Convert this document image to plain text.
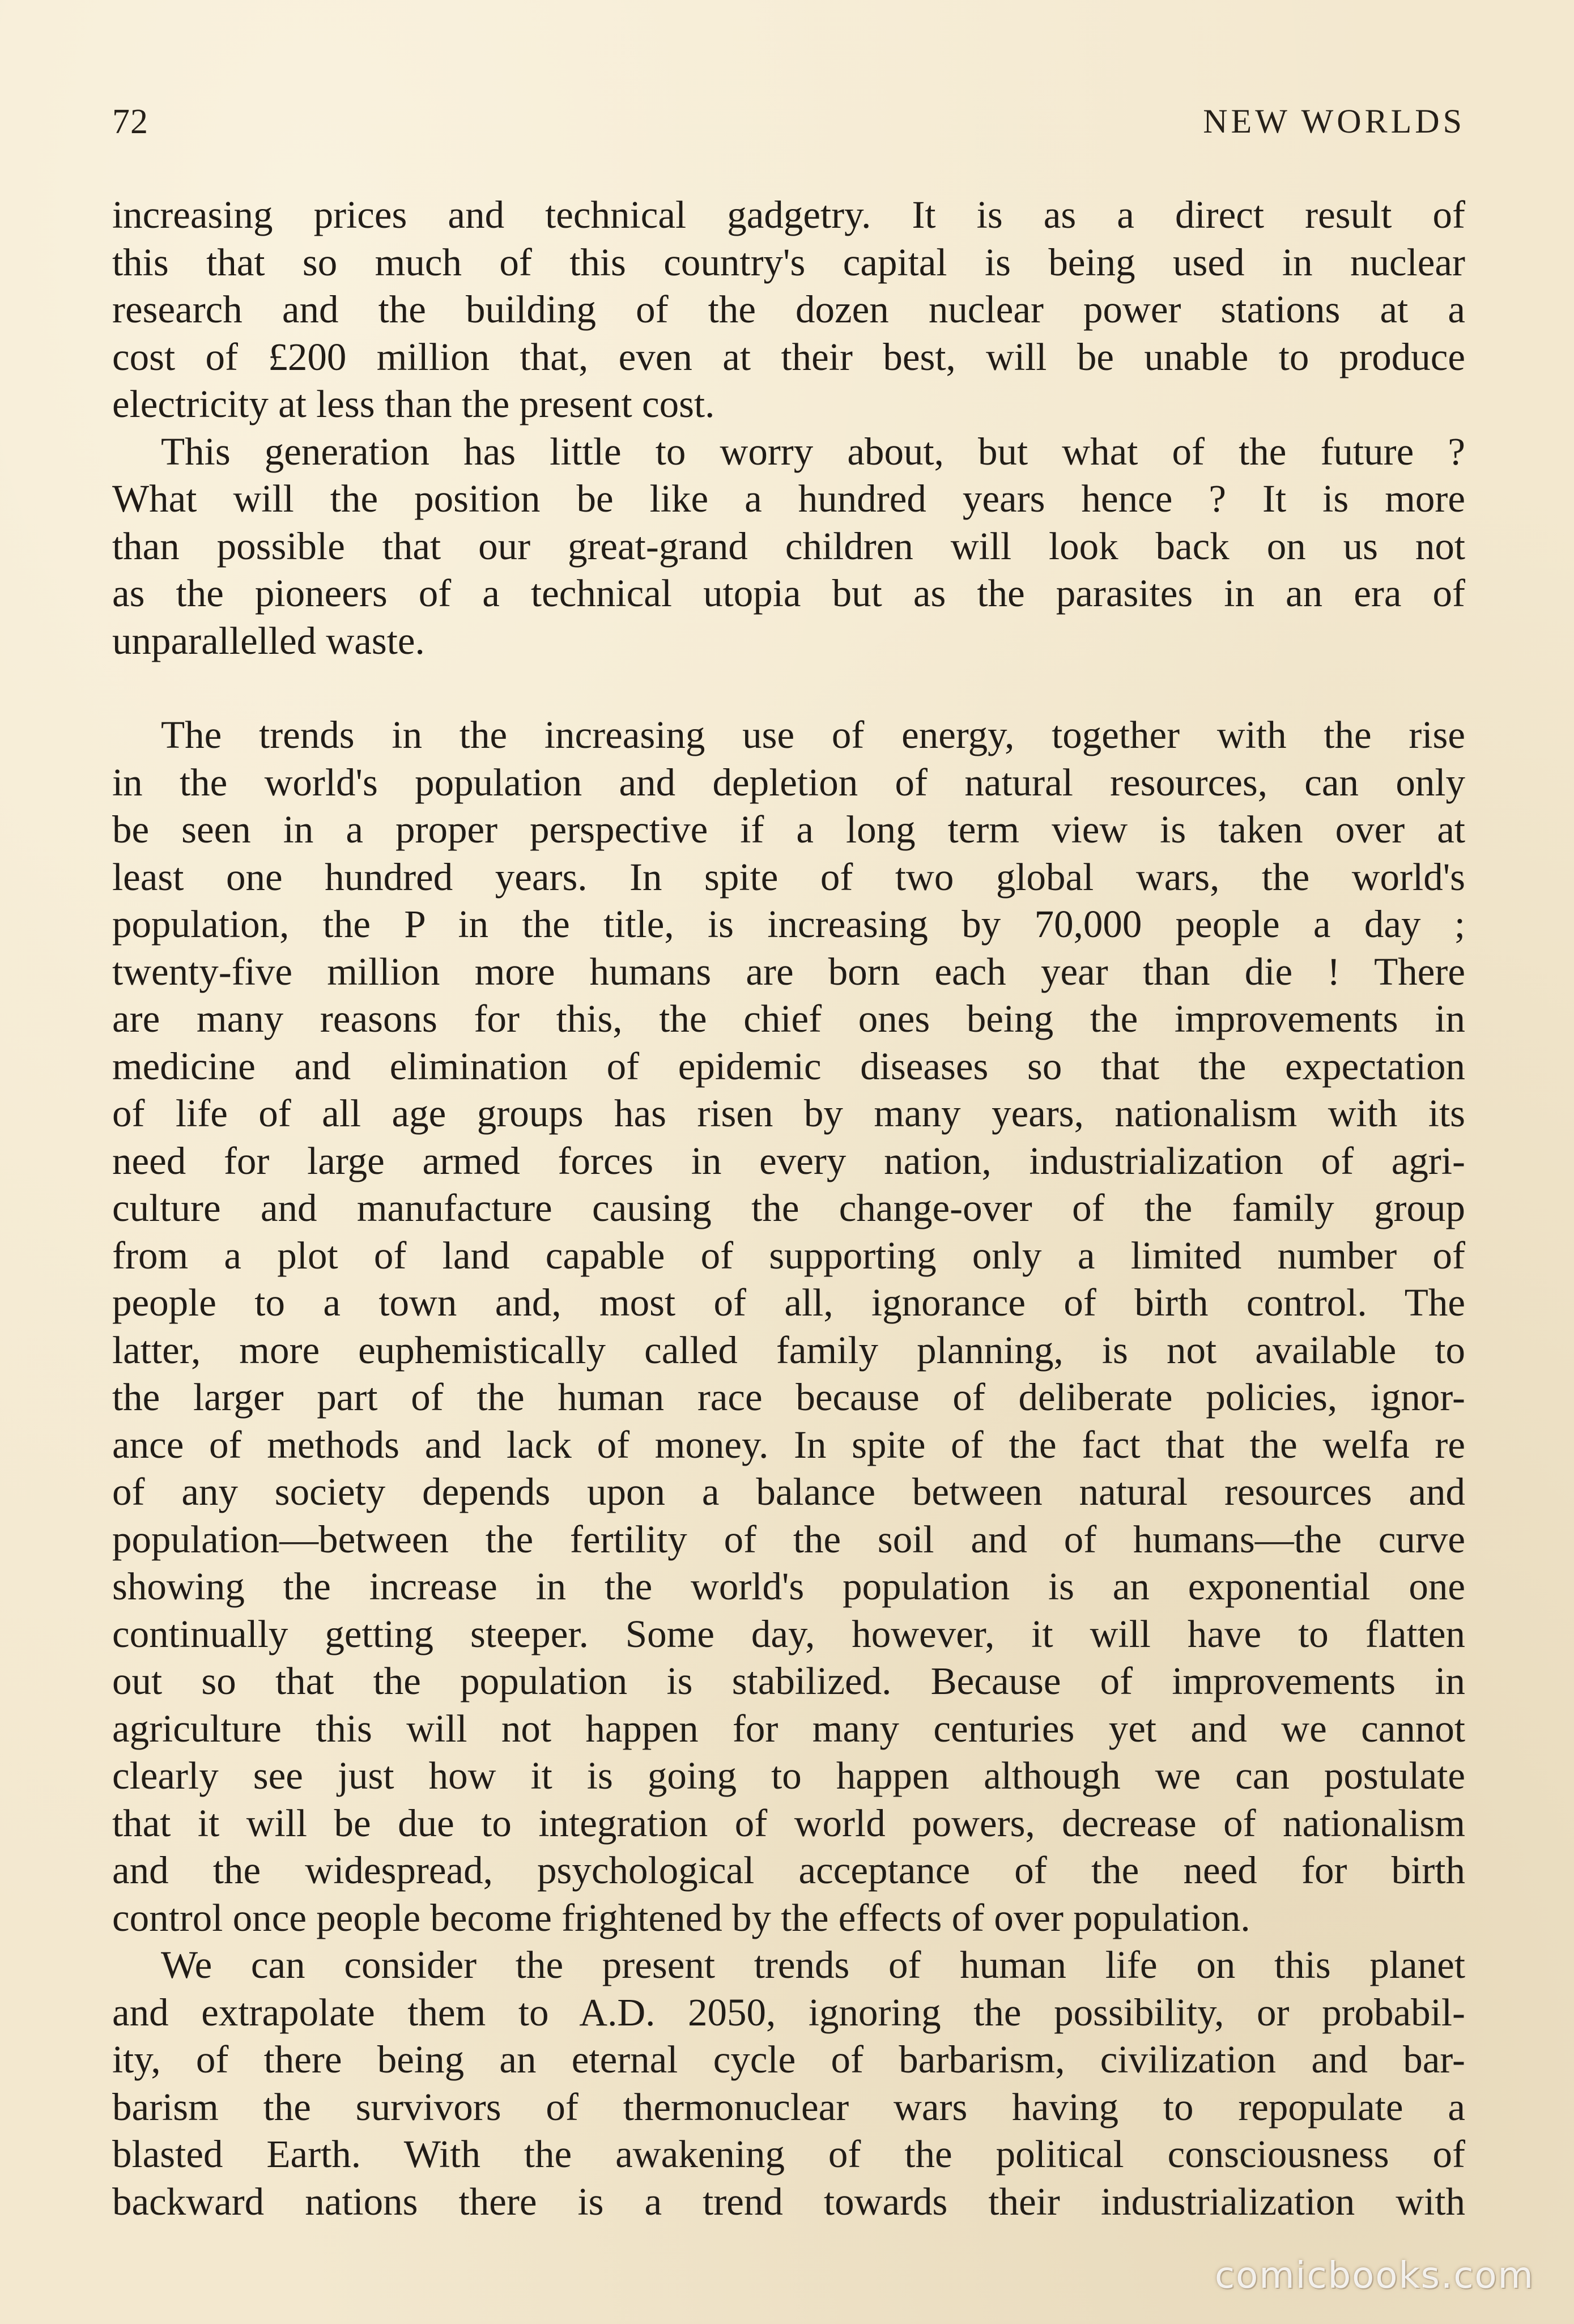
72	NEW WORLDS

increasing prices and technical gadgetry. It is as a direct result of
this that so much of this country's capital is being used in nuclear
research and the building of the dozen nuclear power stations at a
cost of £200 million that, even at their best, will be unable to produce
electricity at less than the present cost.

This generation has little to worry about, but what of the future ?
What will the position be like a hundred years hence ? It is more
than possible that our great-grand children will look back on us not
as the pioneers of a technical utopia but as the parasites in an era of
unparallelled waste.

The trends in the increasing use of energy, together with the rise
in the world's population and depletion of natural resources, can only
be seen in a proper perspective if a long term view is taken over at
least one hundred years. In spite of two global wars, the world's
population, the P in the title, is increasing by 70,000 people a day ;
twenty-five million more humans are born each year than die ! There
are many reasons for this, the chief ones being the improvements in
medicine and elimination of epidemic diseases so that the expectation
of life of all age groups has risen by many years, nationalism with its
need for large armed forces in every nation, industrialization of agri-
culture and manufacture causing the change-over of the family group
from a plot of land capable of supporting only a limited number of
people to a town and, most of all, ignorance of birth control. The
latter, more euphemistically called family planning, is not available to
the larger part of the human race because of deliberate policies, ignor-
ance of methods and lack of money. In spite of the fact that the welfa re
of any society depends upon a balance between natural resources and
population—between the fertility of the soil and of humans—the curve
showing the increase in the world's population is an exponential one
continually getting steeper. Some day, however, it will have to flatten
out so that the population is stabilized. Because of improvements in
agriculture this will not happen for many centuries yet and we cannot
clearly see just how it is going to happen although we can postulate
that it will be due to integration of world powers, decrease of nationalism
and the widespread, psychological acceptance of the need for birth
control once people become frightened by the effects of over population.

We can consider the present trends of human life on this planet
and extrapolate them to A.D. 2050, ignoring the possibility, or probabil-
ity, of there being an eternal cycle of barbarism, civilization and bar-
barism the survivors of thermonuclear wars having to repopulate a
blasted Earth. With the awakening of the political consciousness of
backward nations there is a trend towards their industrialization with

comicbooks.com
